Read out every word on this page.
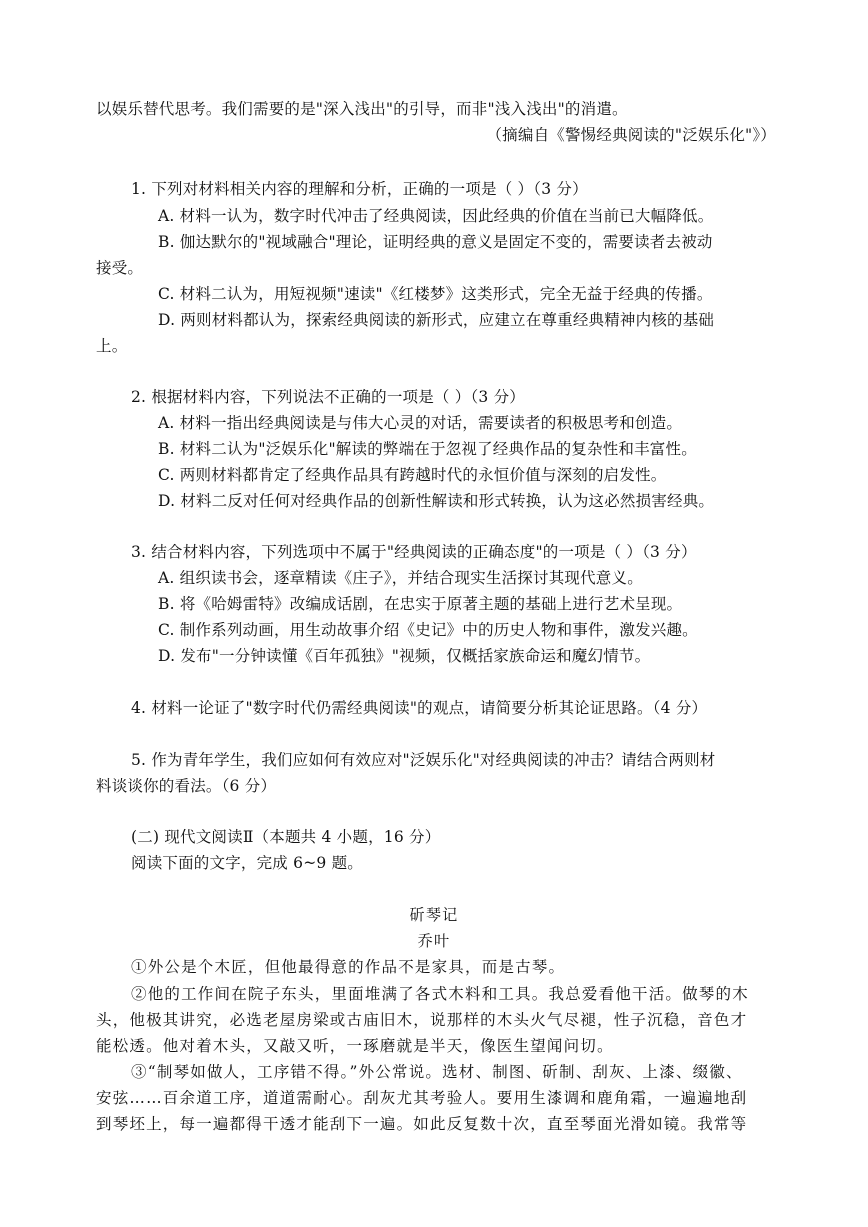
以娱乐替代思考。我们需要的是"深入浅出"的引导，而非"浅入浅出"的消遣。
（摘编自《警惕经典阅读的"泛娱乐化"》）
1. 下列对材料相关内容的理解和分析，正确的一项是（ ）（3 分）
A. 材料一认为，数字时代冲击了经典阅读，因此经典的价值在当前已大幅降低。
B. 伽达默尔的"视域融合"理论，证明经典的意义是固定不变的，需要读者去被动
接受。
C. 材料二认为，用短视频"速读"《红楼梦》这类形式，完全无益于经典的传播。
D. 两则材料都认为，探索经典阅读的新形式，应建立在尊重经典精神内核的基础
上。
2. 根据材料内容，下列说法不正确的一项是（ ）（3 分）
A. 材料一指出经典阅读是与伟大心灵的对话，需要读者的积极思考和创造。
B. 材料二认为"泛娱乐化"解读的弊端在于忽视了经典作品的复杂性和丰富性。
C. 两则材料都肯定了经典作品具有跨越时代的永恒价值与深刻的启发性。
D. 材料二反对任何对经典作品的创新性解读和形式转换，认为这必然损害经典。
3. 结合材料内容，下列选项中不属于"经典阅读的正确态度"的一项是（ ）（3 分）
A. 组织读书会，逐章精读《庄子》，并结合现实生活探讨其现代意义。
B. 将《哈姆雷特》改编成话剧，在忠实于原著主题的基础上进行艺术呈现。
C. 制作系列动画，用生动故事介绍《史记》中的历史人物和事件，激发兴趣。
D. 发布"一分钟读懂《百年孤独》"视频，仅概括家族命运和魔幻情节。
4. 材料一论证了"数字时代仍需经典阅读"的观点，请简要分析其论证思路。（4 分）
5. 作为青年学生，我们应如何有效应对"泛娱乐化"对经典阅读的冲击？请结合两则材
料谈谈你的看法。（6 分）
(二) 现代文阅读Ⅱ（本题共 4 小题，16 分）
阅读下面的文字，完成 6~9 题。
斫琴记
乔叶
①外公是个木匠，但他最得意的作品不是家具，而是古琴。
②他的工作间在院子东头，里面堆满了各式木料和工具。我总爱看他干活。做琴的木
头，他极其讲究，必选老屋房梁或古庙旧木，说那样的木头火气尽褪，性子沉稳，音色才
能松透。他对着木头，又敲又听，一琢磨就是半天，像医生望闻问切。
③“制琴如做人，工序错不得。”外公常说。选材、制图、斫制、刮灰、上漆、缀徽、
安弦……百余道工序，道道需耐心。刮灰尤其考验人。要用生漆调和鹿角霜，一遍遍地刮
到琴坯上，每一遍都得干透才能刮下一遍。如此反复数十次，直至琴面光滑如镜。我常等
